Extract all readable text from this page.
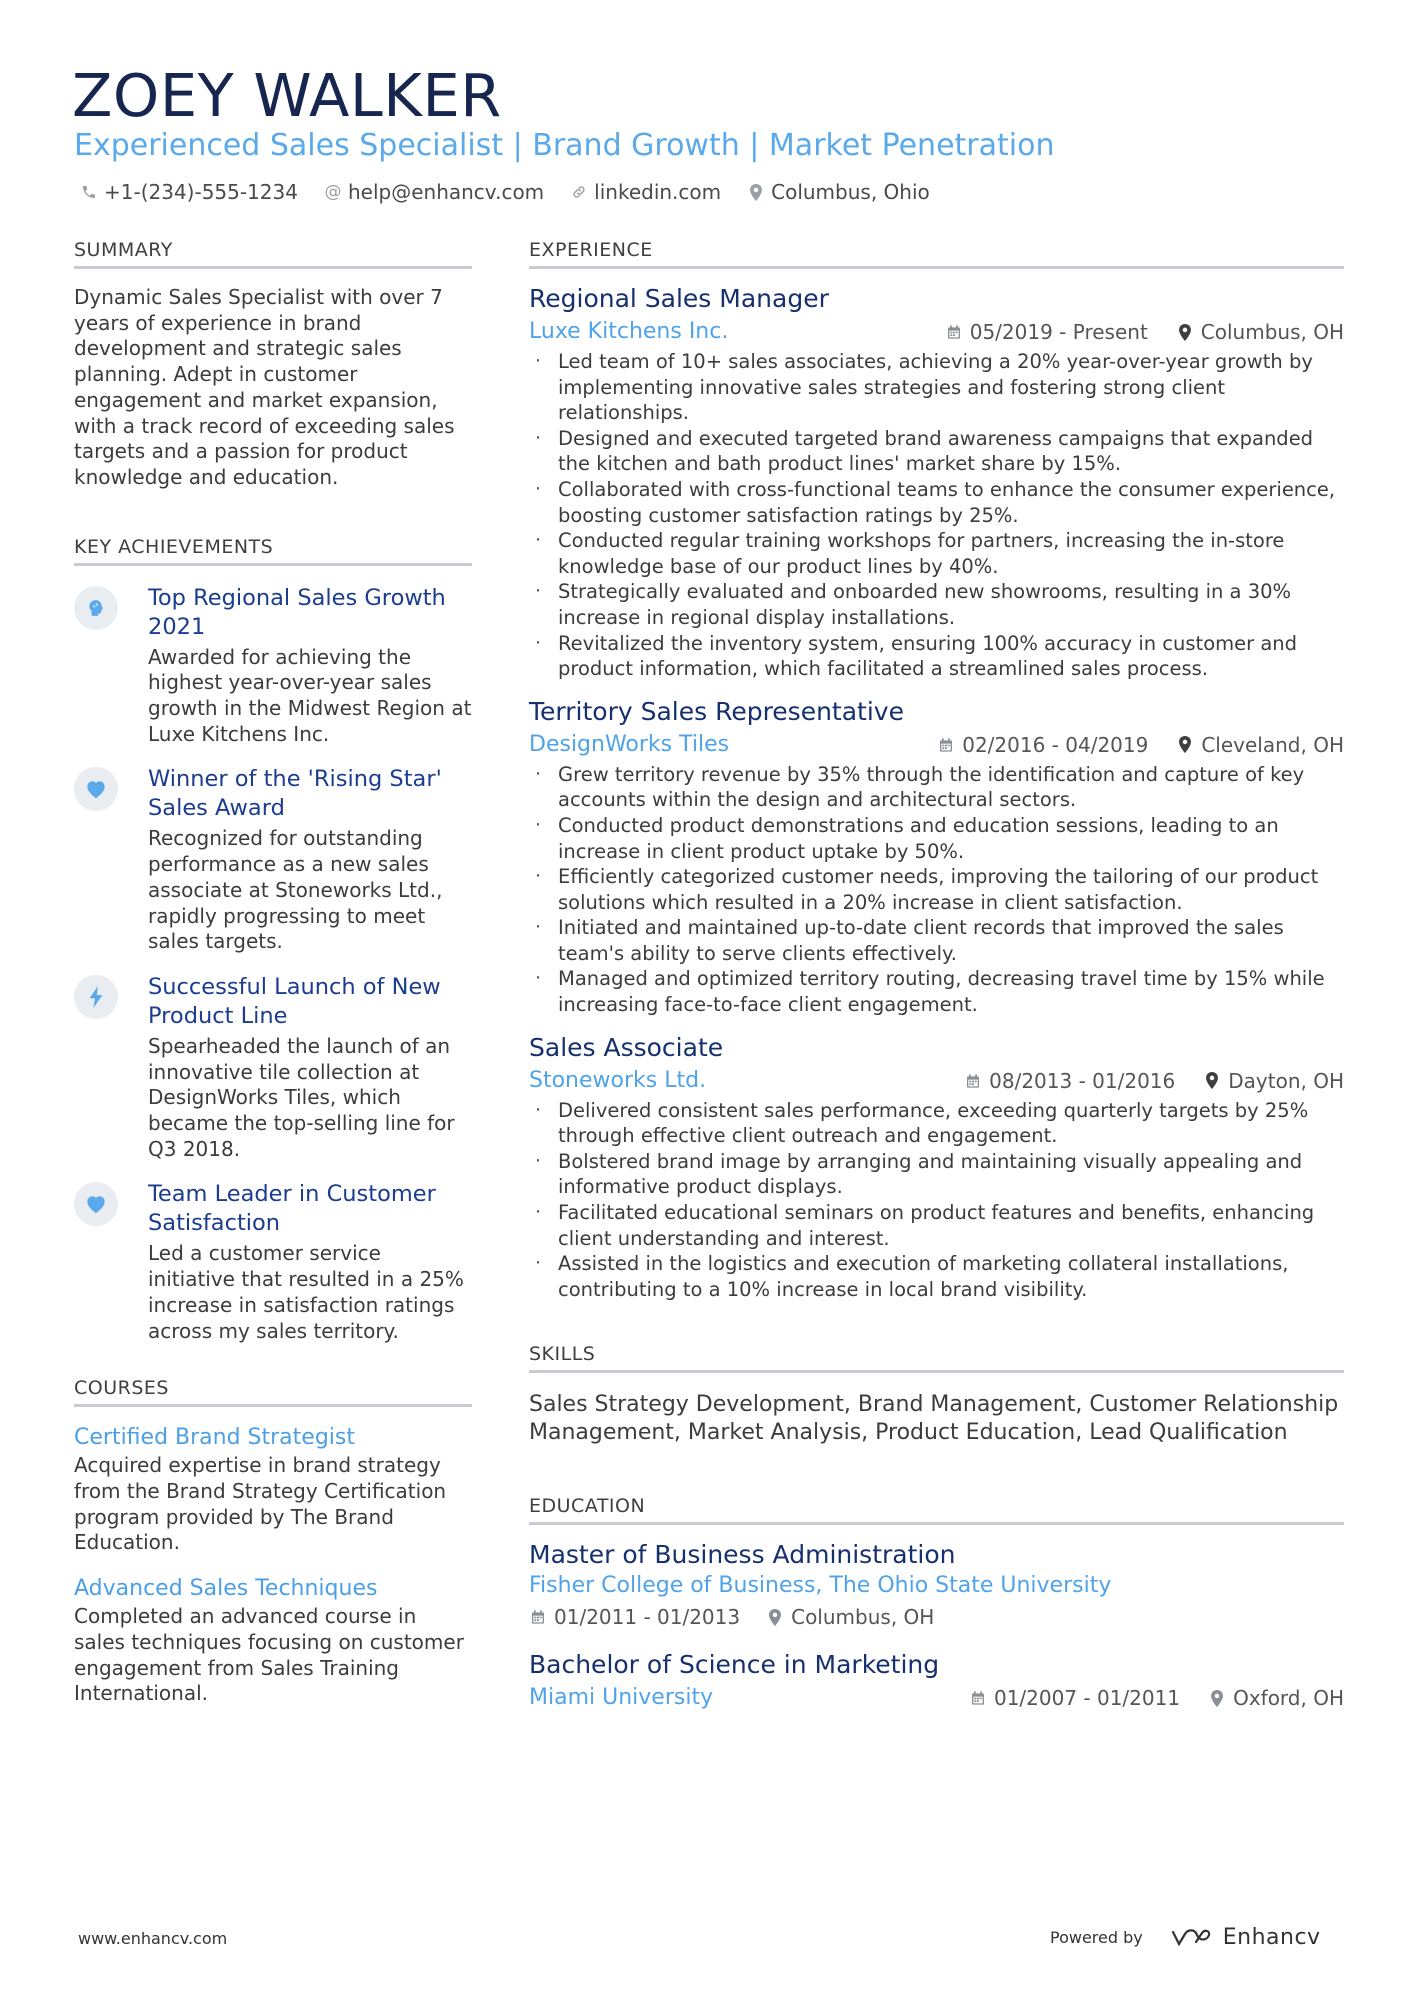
ZOEY WALKER
Experienced Sales Specialist | Brand Growth | Market Penetration
+1-(234)-555-1234 @ help@enhancv.com	linkedin.com	Columbus, Ohio
SUMMARY
Dynamic Sales Specialist with over 7 years of experience in brand development and strategic sales planning. Adept in customer engagement and market expansion, with a track record of exceeding sales targets and a passion for product knowledge and education.
KEY ACHIEVEMENTS
Top Regional Sales Growth 2021
Awarded for achieving the highest year-over-year sales growth in the Midwest Region at Luxe Kitchens Inc.
Winner of the 'Rising Star' Sales Award
Recognized for outstanding performance as a new sales associate at Stoneworks Ltd., rapidly progressing to meet sales targets.
Successful Launch of New Product Line
Spearheaded the launch of an innovative tile collection at DesignWorks Tiles, which became the top-selling line for Q3 2018.
Team Leader in Customer Satisfaction
Led a customer service initiative that resulted in a 25% increase in satisfaction ratings across my sales territory.
COURSES
Certified Brand Strategist
Acquired expertise in brand strategy from the Brand Strategy Certification program provided by The Brand Education.
Advanced Sales Techniques
Completed an advanced course in sales techniques focusing on customer engagement from Sales Training International.
EXPERIENCE
Regional Sales Manager
Luxe Kitchens Inc.	05/2019 - Present	Columbus, OH
· Led team of 10+ sales associates, achieving a 20% year-over-year growth by implementing innovative sales strategies and fostering strong client relationships.
· Designed and executed targeted brand awareness campaigns that expanded the kitchen and bath product lines' market share by 15%.
· Collaborated with cross-functional teams to enhance the consumer experience, boosting customer satisfaction ratings by 25%.
· Conducted regular training workshops for partners, increasing the in-store knowledge base of our product lines by 40%.
· Strategically evaluated and onboarded new showrooms, resulting in a 30% increase in regional display installations.
· Revitalized the inventory system, ensuring 100% accuracy in customer and product information, which facilitated a streamlined sales process.
Territory Sales Representative
DesignWorks Tiles	02/2016 - 04/2019	Cleveland, OH
· Grew territory revenue by 35% through the identification and capture of key accounts within the design and architectural sectors.
· Conducted product demonstrations and education sessions, leading to an increase in client product uptake by 50%.
· Efficiently categorized customer needs, improving the tailoring of our product solutions which resulted in a 20% increase in client satisfaction.
· Initiated and maintained up-to-date client records that improved the sales team's ability to serve clients effectively.
· Managed and optimized territory routing, decreasing travel time by 15% while increasing face-to-face client engagement.
Sales Associate
Stoneworks Ltd.	08/2013 - 01/2016	Dayton, OH
· Delivered consistent sales performance, exceeding quarterly targets by 25% through effective client outreach and engagement.
· Bolstered brand image by arranging and maintaining visually appealing and informative product displays.
· Facilitated educational seminars on product features and benefits, enhancing client understanding and interest.
· Assisted in the logistics and execution of marketing collateral installations, contributing to a 10% increase in local brand visibility.
SKILLS
Sales Strategy Development, Brand Management, Customer Relationship Management, Market Analysis, Product Education, Lead Qualification
EDUCATION
Master of Business Administration
Fisher College of Business, The Ohio State University
01/2011 - 01/2013	Columbus, OH
Bachelor of Science in Marketing
Miami University	01/2007 - 01/2011	Oxford, OH
www.enhancv.com	Powered by	Enhancv
